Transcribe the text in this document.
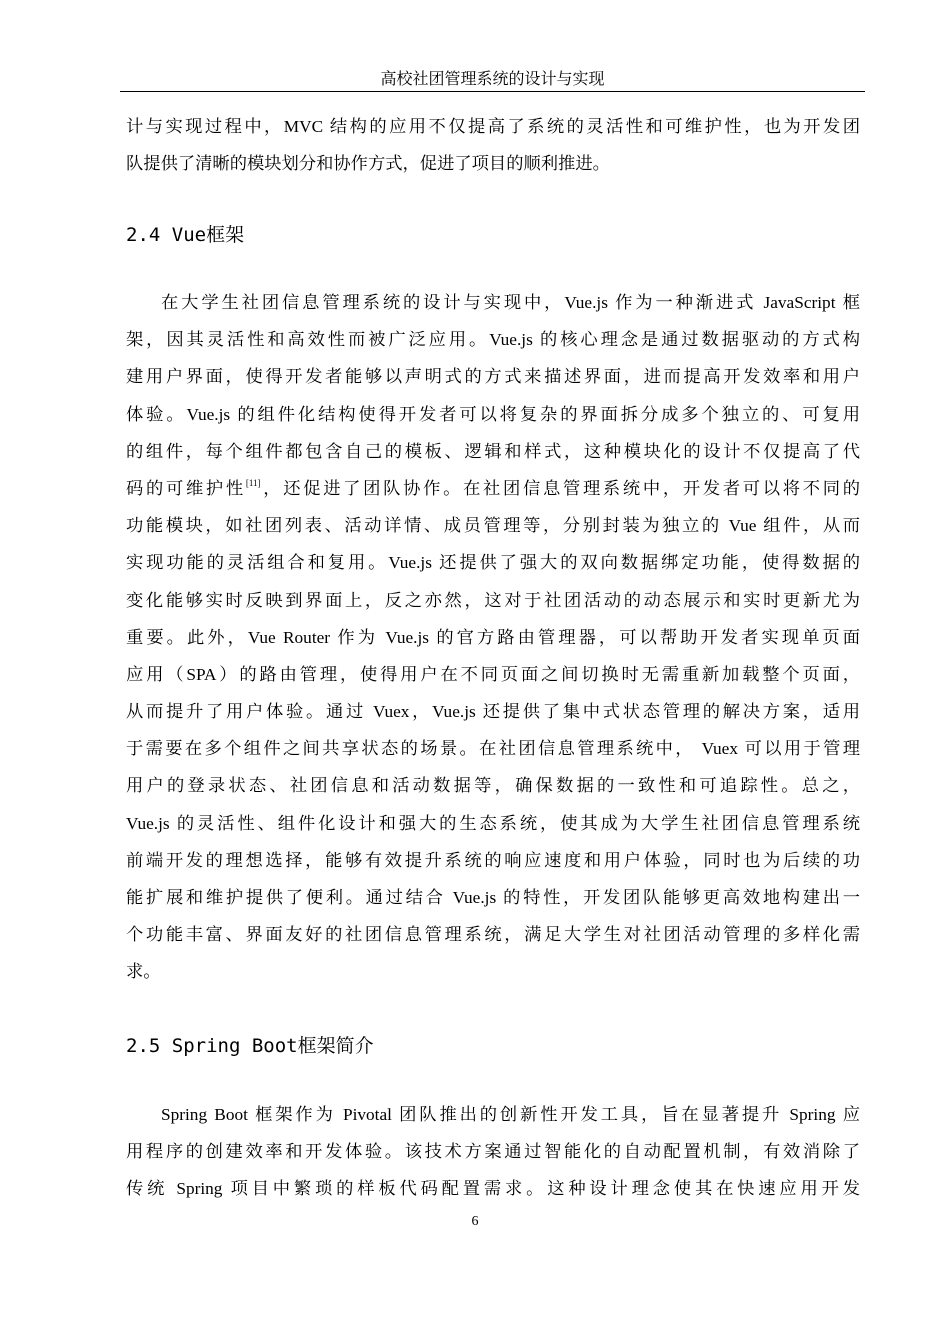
高校社团管理系统的设计与实现
计与实现过程中，MVC 结构的应用不仅提高了系统的灵活性和可维护性，也为开发团
队提供了清晰的模块划分和协作方式，促进了项目的顺利推进。
2.4 Vue框架
在大学生社团信息管理系统的设计与实现中，Vue.js 作为一种渐进式 JavaScript 框
架，因其灵活性和高效性而被广泛应用。Vue.js 的核心理念是通过数据驱动的方式构
建用户界面，使得开发者能够以声明式的方式来描述界面，进而提高开发效率和用户
体验。Vue.js 的组件化结构使得开发者可以将复杂的界面拆分成多个独立的、可复用
的组件，每个组件都包含自己的模板、逻辑和样式，这种模块化的设计不仅提高了代
码的可维护性[11]，还促进了团队协作。在社团信息管理系统中，开发者可以将不同的
功能模块，如社团列表、活动详情、成员管理等，分别封装为独立的 Vue 组件，从而
实现功能的灵活组合和复用。Vue.js 还提供了强大的双向数据绑定功能，使得数据的
变化能够实时反映到界面上，反之亦然，这对于社团活动的动态展示和实时更新尤为
重要。此外，Vue Router 作为 Vue.js 的官方路由管理器，可以帮助开发者实现单页面
应用（SPA）的路由管理，使得用户在不同页面之间切换时无需重新加载整个页面，
从而提升了用户体验。通过 Vuex，Vue.js 还提供了集中式状态管理的解决方案，适用
于需要在多个组件之间共享状态的场景。在社团信息管理系统中， Vuex 可以用于管理
用户的登录状态、社团信息和活动数据等，确保数据的一致性和可追踪性。总之，
Vue.js 的灵活性、组件化设计和强大的生态系统，使其成为大学生社团信息管理系统
前端开发的理想选择，能够有效提升系统的响应速度和用户体验，同时也为后续的功
能扩展和维护提供了便利。通过结合 Vue.js 的特性，开发团队能够更高效地构建出一
个功能丰富、界面友好的社团信息管理系统，满足大学生对社团活动管理的多样化需
求。
2.5 Spring Boot框架简介
Spring Boot 框架作为 Pivotal 团队推出的创新性开发工具，旨在显著提升 Spring 应
用程序的创建效率和开发体验。该技术方案通过智能化的自动配置机制，有效消除了
传统 Spring 项目中繁琐的样板代码配置需求。这种设计理念使其在快速应用开发
6
